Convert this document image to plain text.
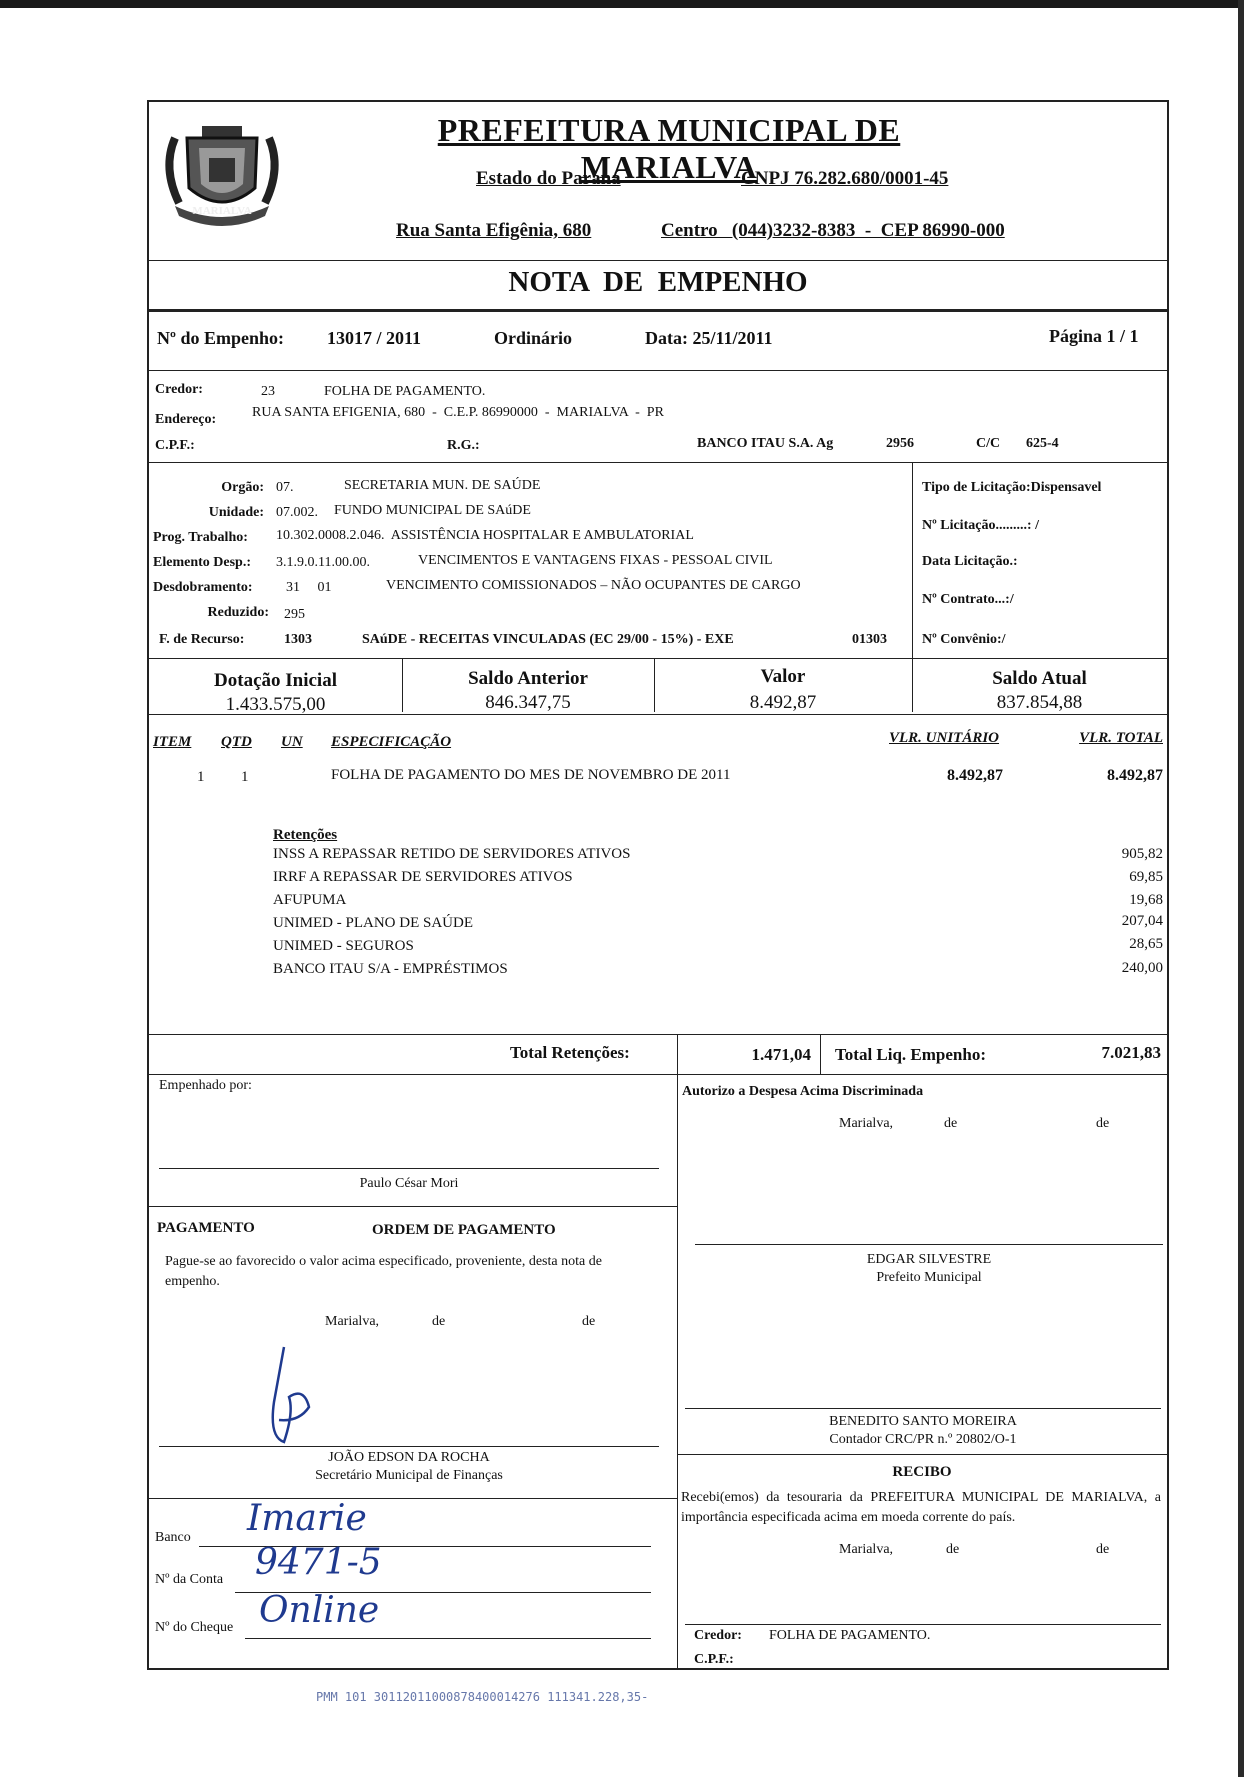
MARIALVA
PREFEITURA MUNICIPAL DE MARIALVA
Estado do Paraná	CNPJ 76.282.680/0001-45
Rua Santa Efigênia, 680	Centro   (044)3232-8383  -  CEP 86990-000
NOTA  DE  EMPENHO
Nº do Empenho: 13017 / 2011	Ordinário	Data: 25/11/2011	Página 1 / 1
Credor:	23	FOLHA DE PAGAMENTO.
Endereço:	RUA SANTA EFIGENIA, 680  -  C.E.P. 86990000  -  MARIALVA  -  PR
C.P.F.:	R.G.:	BANCO ITAU S.A. Ag	2956	C/C 625-4
Orgão: 07.	SECRETARIA MUN. DE SAÚDE
Unidade: 07.002. FUNDO MUNICIPAL DE SAúDE
Prog. Trabalho: 10.302.0008.2.046.  ASSISTÊNCIA HOSPITALAR E AMBULATORIAL
Elemento Desp.: 3.1.9.0.11.00.00.	VENCIMENTOS E VANTAGENS FIXAS - PESSOAL CIVIL
Desdobramento: 31     01	VENCIMENTO COMISSIONADOS – NÃO OCUPANTES DE CARGO
Reduzido: 295
F. de Recurso:	1303	SAúDE - RECEITAS VINCULADAS (EC 29/00 - 15%) - EXE	01303
Tipo de Licitação:Dispensavel
Nº Licitação.........: /
Data Licitação.:
Nº Contrato...:/
Nº Convênio:/
Dotação Inicial
1.433.575,00
Saldo Anterior
846.347,75
Valor
8.492,87
Saldo Atual
837.854,88
ITEM QTD UN ESPECIFICAÇÃO	VLR. UNITÁRIO	VLR. TOTAL
1 1	FOLHA DE PAGAMENTO DO MES DE NOVEMBRO DE 2011	8.492,87	8.492,87
Retenções
INSS A REPASSAR RETIDO DE SERVIDORES ATIVOS	905,82
IRRF A REPASSAR DE SERVIDORES ATIVOS	69,85
AFUPUMA	19,68
UNIMED - PLANO DE SAÚDE	207,04
UNIMED - SEGUROS	28,65
BANCO ITAU S/A - EMPRÉSTIMOS	240,00
Total Retenções:	1.471,04 Total Liq. Empenho:	7.021,83
Empenhado por:
Paulo César Mori
Autorizo a Despesa Acima Discriminada
Marialva,	de	de
EDGAR SILVESTRE
Prefeito Municipal
PAGAMENTO	ORDEM DE PAGAMENTO
Pague-se ao favorecido o valor acima especificado, proveniente, desta nota de empenho.
Marialva,	de	de
JOÃO EDSON DA ROCHA
Secretário Municipal de Finanças
BENEDITO SANTO MOREIRA
Contador CRC/PR n.º 20802/O-1
RECIBO
Recebi(emos) da tesouraria da PREFEITURA MUNICIPAL DE MARIALVA, a importância especificada acima em moeda corrente do país.
Marialva,	de	de
Credor: FOLHA DE PAGAMENTO.
C.P.F.:
Banco Imarie
Nº da Conta 9471-5
Nº do Cheque Online
PMM 101 30112011000878400014276 111341.228,35-
